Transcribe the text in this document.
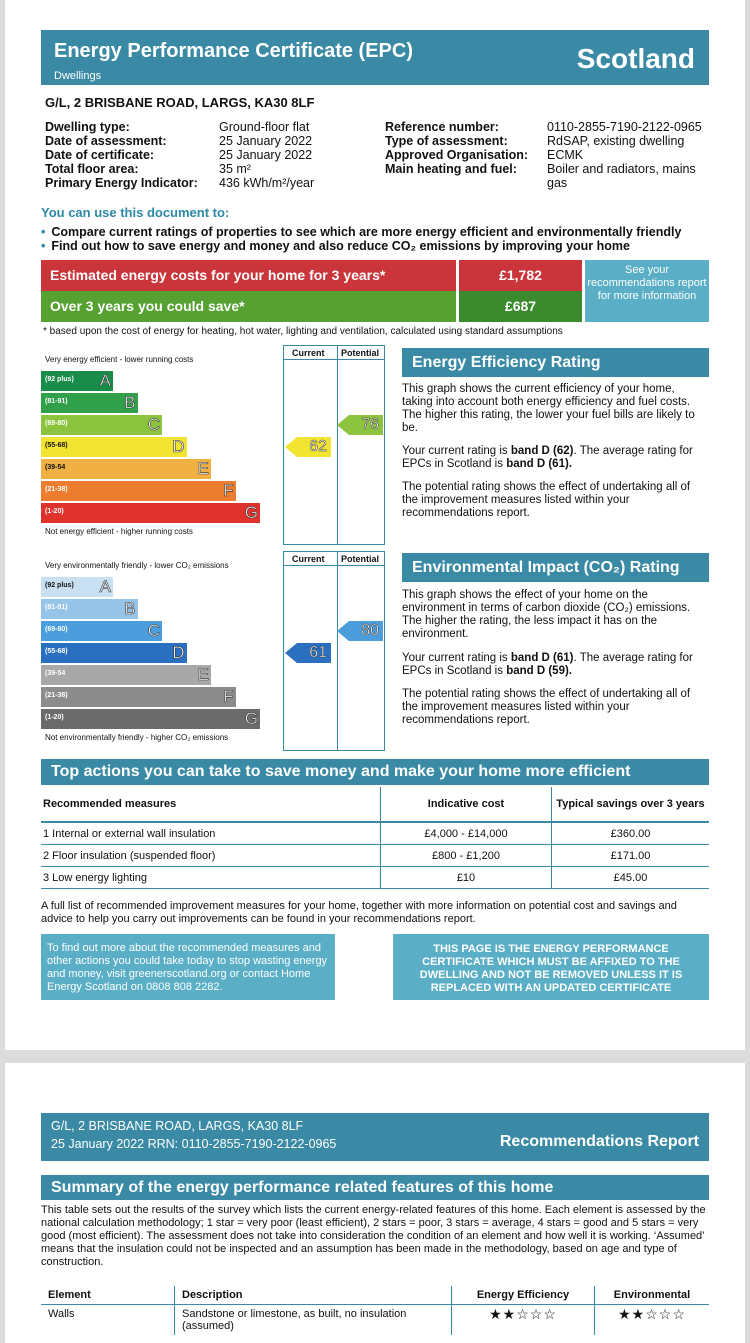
Energy Performance Certificate (EPC)
Dwellings
Scotland
G/L, 2 BRISBANE ROAD, LARGS, KA30 8LF
Dwelling type:	Ground-floor flat
Date of assessment:	25 January 2022
Date of certificate:	25 January 2022
Total floor area:	35 m²
Primary Energy Indicator:	436 kWh/m²/year
Reference number:	0110-2855-7190-2122-0965
Type of assessment:	RdSAP, existing dwelling
Approved Organisation:	ECMK
Main heating and fuel:	Boiler and radiators, mains gas
You can use this document to:
• Compare current ratings of properties to see which are more energy efficient and environmentally friendly
• Find out how to save energy and money and also reduce CO₂ emissions by improving your home
Estimated energy costs for your home for 3 years*	£1,782
Over 3 years you could save*	£687
See your recommendations report for more information
* based upon the cost of energy for heating, hot water, lighting and ventilation, calculated using standard assumptions
Current Potential
Very energy efficient - lower running costs
(92 plus) A
(81-91)	B
(69-80)	C
(55-68)	D
(39-54	E
(21-38)	F
(1-20)	G
Not energy efficient - higher running costs
62
76
Energy Efficiency Rating
This graph shows the current efficiency of your home, taking into account both energy efficiency and fuel costs. The higher this rating, the lower your fuel bills are likely to be.
Your current rating is band D (62). The average rating for EPCs in Scotland is band D (61).
The potential rating shows the effect of undertaking all of the improvement measures listed within your recommendations report.
Current Potential
Very environmentally friendly - lower CO₂ emissions
(92 plus) A
(81-91)	B
(69-80)	C
(55-68)	D
(39-54	E
(21-38)	F
(1-20)	G
Not environmentally friendly - higher CO₂ emissions
61
80
Environmental Impact (CO₂) Rating
This graph shows the effect of your home on the environment in terms of carbon dioxide (CO₂) emissions. The higher the rating, the less impact it has on the environment.
Your current rating is band D (61). The average rating for EPCs in Scotland is band D (59).
The potential rating shows the effect of undertaking all of the improvement measures listed within your recommendations report.
Top actions you can take to save money and make your home more efficient
Recommended measures	Indicative cost	Typical savings over 3 years
1 Internal or external wall insulation	£4,000 - £14,000	£360.00
2 Floor insulation (suspended floor)	£800 - £1,200	£171.00
3 Low energy lighting	£10	£45.00
A full list of recommended improvement measures for your home, together with more information on potential cost and savings and advice to help you carry out improvements can be found in your recommendations report.
To find out more about the recommended measures and other actions you could take today to stop wasting energy and money, visit greenerscotland.org or contact Home Energy Scotland on 0808 808 2282.
THIS PAGE IS THE ENERGY PERFORMANCE CERTIFICATE WHICH MUST BE AFFIXED TO THE DWELLING AND NOT BE REMOVED UNLESS IT IS REPLACED WITH AN UPDATED CERTIFICATE
G/L, 2 BRISBANE ROAD, LARGS, KA30 8LF
25 January 2022 RRN: 0110-2855-7190-2122-0965	Recommendations Report
Summary of the energy performance related features of this home
This table sets out the results of the survey which lists the current energy-related features of this home. Each element is assessed by the national calculation methodology; 1 star = very poor (least efficient), 2 stars = poor, 3 stars = average, 4 stars = good and 5 stars = very good (most efficient). The assessment does not take into consideration the condition of an element and how well it is working. ‘Assumed’ means that the insulation could not be inspected and an assumption has been made in the methodology, based on age and type of construction.
Element	Description	Energy Efficiency	Environmental
Walls	Sandstone or limestone, as built, no insulation (assumed)	★★☆☆☆	★★☆☆☆
